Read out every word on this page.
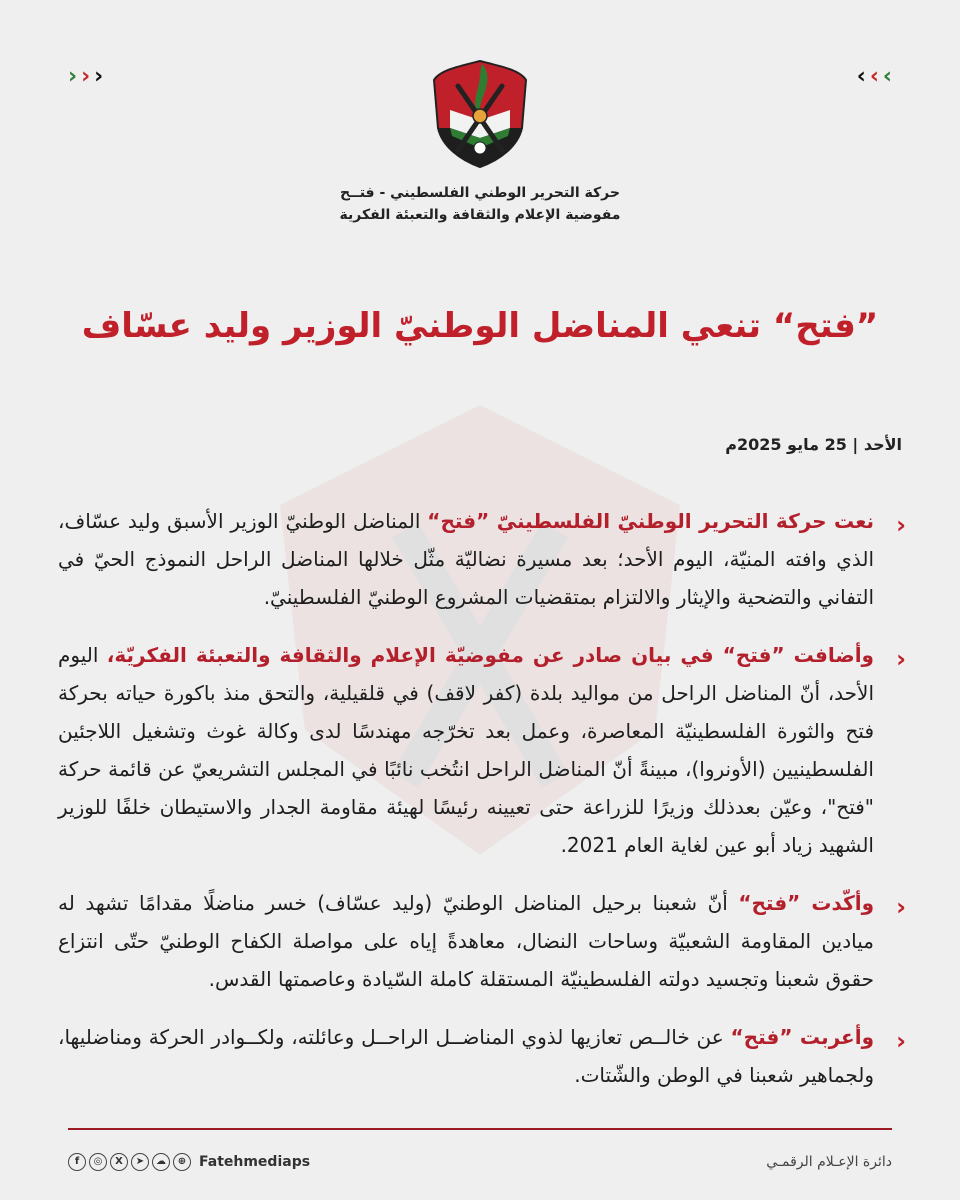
› › ›	‹ ‹ ‹
حركة التحرير الوطني الفلسطيني - فتــح
مفوضية الإعلام والثقافة والتعبئة الفكرية
”فتح“ تنعي المناضل الوطنيّ الوزير وليد عسّاف
الأحد | 25 مايو 2025م

‹
نعت حركة التحرير الوطنيّ الفلسطينيّ ”فتح“ المناضل الوطنيّ الوزير الأسبق وليد عسّاف، الذي وافته المنيّة، اليوم الأحد؛ بعد مسيرة نضاليّة مثّل خلالها المناضل الراحل النموذج الحيّ في التفاني والتضحية والإيثار والالتزام بمتقضيات المشروع الوطنيّ الفلسطينيّ.

‹
وأضافت ”فتح“ في بيان صادر عن مفوضيّة الإعلام والثقافة والتعبئة الفكريّة، اليوم الأحد، أنّ المناضل الراحل من مواليد بلدة (كفر لاقف) في قلقيلية، والتحق منذ باكورة حياته بحركة فتح والثورة الفلسطينيّة المعاصرة، وعمل بعد تخرّجه مهندسًا لدى وكالة غوث وتشغيل اللاجئين الفلسطينيين (الأونروا)، مبينةً أنّ المناضل الراحل انتُخب نائبًا في المجلس التشريعيّ عن قائمة حركة "فتح"، وعيّن بعدذلك وزيرًا للزراعة حتى تعيينه رئيسًا لهيئة مقاومة الجدار والاستيطان خلفًا للوزير الشهيد زياد أبو عين لغاية العام 2021.

‹
وأكّدت ”فتح“ أنّ شعبنا برحيل المناضل الوطنيّ (وليد عسّاف) خسر مناضلًا مقدامًا تشهد له ميادين المقاومة الشعبيّة وساحات النضال، معاهدةً إياه على مواصلة الكفاح الوطنيّ حتّى انتزاع حقوق شعبنا وتجسيد دولته الفلسطينيّة المستقلة كاملة السّيادة وعاصمتها القدس.

‹
وأعربت ”فتح“ عن خالــص تعازيها لذوي المناضــل الراحــل وعائلته، ولكــوادر الحركة ومناضليها، ولجماهير شعبنا في الوطن والشّتات.

f	◎	X	➤	☁	⊕ Fatehmediaps	دائرة الإعـلام الرقمـي
